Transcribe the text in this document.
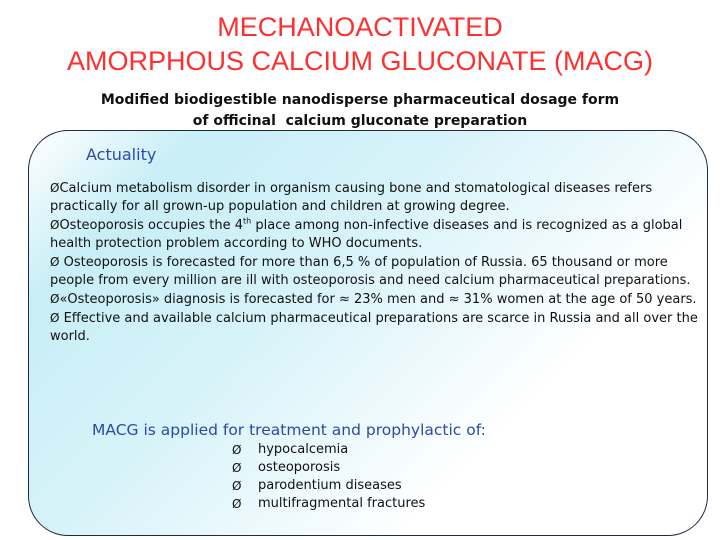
MECHANOACTIVATED
AMORPHOUS CALCIUM GLUCONATE (MACG)
Modified biodigestible nanodisperse pharmaceutical dosage form
of officinal  calcium gluconate preparation
Actuality

ØCalcium metabolism disorder in organism causing bone and stomatological diseases refers practically for all grown-up population and children at growing degree.

ØOsteoporosis occupies the 4th place among non-infective diseases and is recognized as a global health protection problem according to WHO documents.

Ø Osteoporosis is forecasted for more than 6,5 % of population of Russia. 65 thousand or more people from every million are ill with osteoporosis and need calcium pharmaceutical preparations.

Ø«Osteoporosis» diagnosis is forecasted for ≈ 23% men and ≈ 31% women at the age of 50 years.

Ø Effective and available calcium pharmaceutical preparations are scarce in Russia and all over the world.

MACG is applied for treatment and prophylactic of:
Ø	hypocalcemia
Ø	osteoporosis
Ø	parodentium diseases
Ø	multifragmental fractures
